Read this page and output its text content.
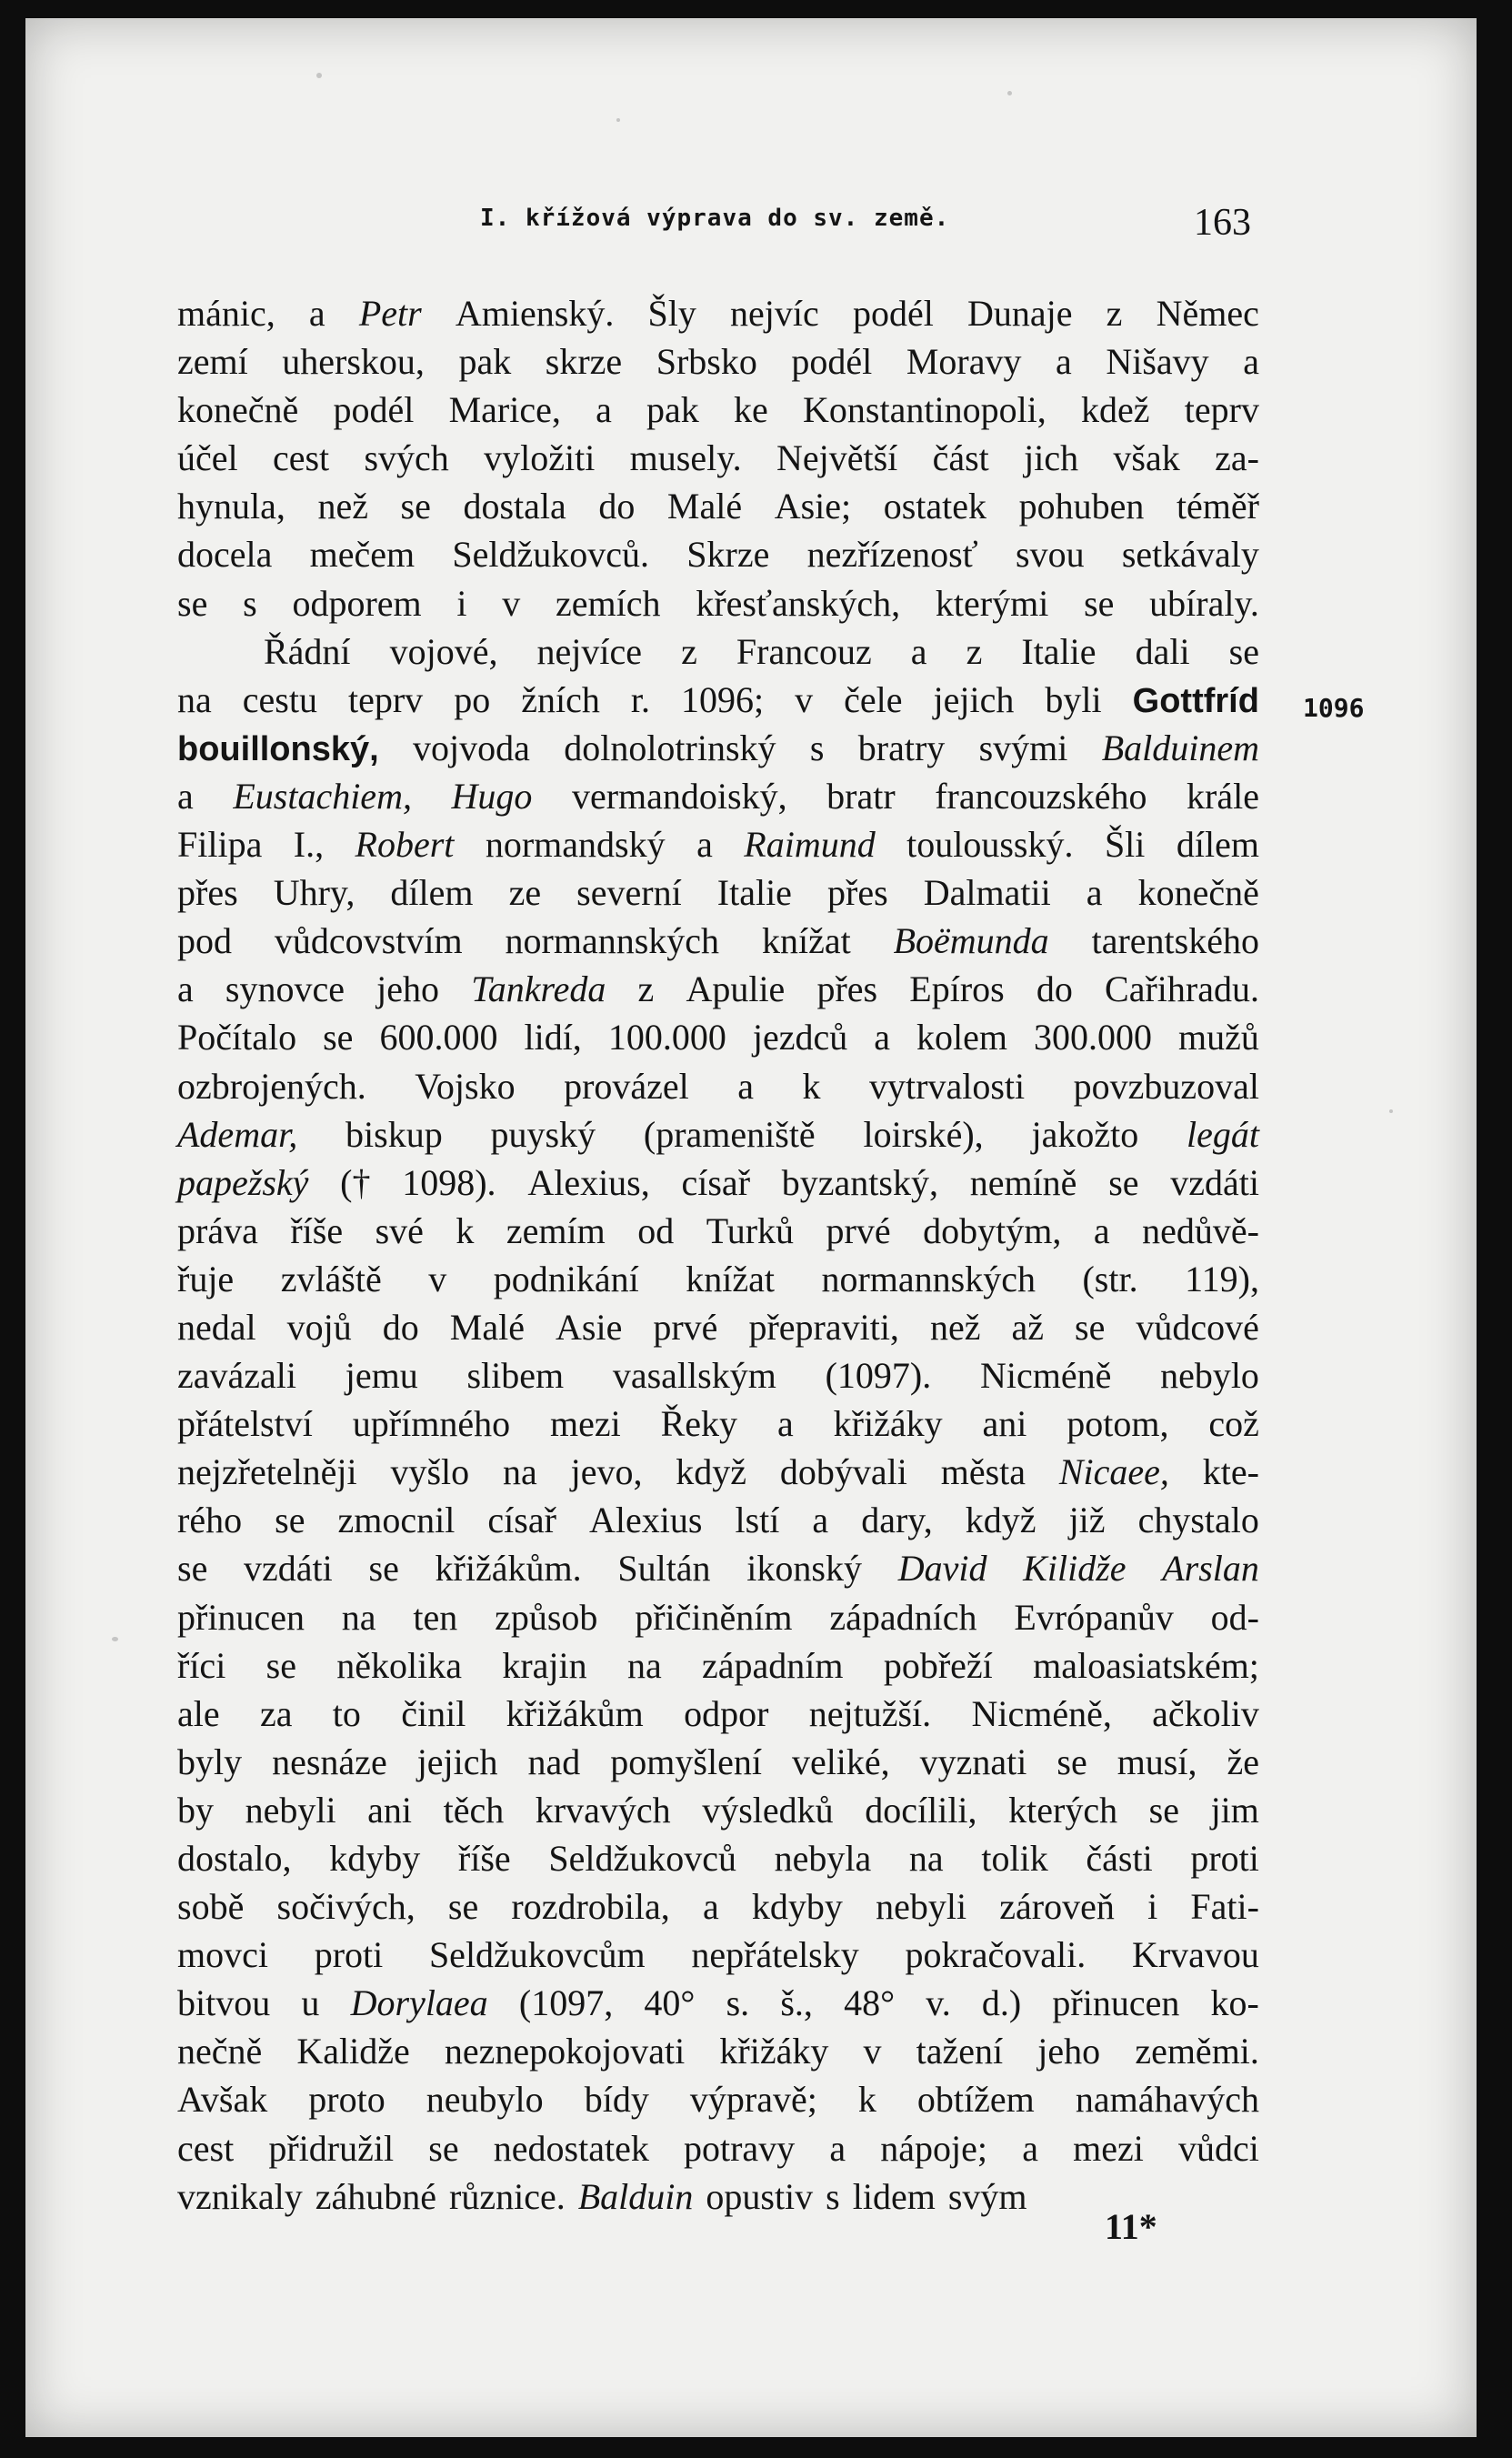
I. křížová výprava do sv. země.	163
mánic, a Petr Amienský. Šly nejvíc podél Dunaje z Němec
zemí uherskou, pak skrze Srbsko podél Moravy a Nišavy a
konečně podél Marice, a pak ke Konstantinopoli, kdež teprv
účel cest svých vyložiti musely. Největší část jich však za-
hynula, než se dostala do Malé Asie; ostatek pohuben téměř
docela mečem Seldžukovců. Skrze nezřízenosť svou setkávaly
se s odporem i v zemích křesťanských, kterými se ubíraly.
Řádní vojové, nejvíce z Francouz a z Italie dali se
na cestu teprv po žních r. 1096; v čele jejich byli Gottfríd
bouillonský, vojvoda dolnolotrinský s bratry svými Balduinem
a Eustachiem, Hugo vermandoiský, bratr francouzského krále
Filipa I., Robert normandský a Raimund toulousský. Šli dílem
přes Uhry, dílem ze severní Italie přes Dalmatii a konečně
pod vůdcovstvím normannských knížat Boëmunda tarentského
a synovce jeho Tankreda z Apulie přes Epíros do Cařihradu.
Počítalo se 600.000 lidí, 100.000 jezdců a kolem 300.000 mužů
ozbrojených. Vojsko provázel a k vytrvalosti povzbuzoval
Ademar, biskup puyský (prameniště loirské), jakožto legát
papežský († 1098). Alexius, císař byzantský, nemíně se vzdáti
práva říše své k zemím od Turků prvé dobytým, a nedůvě-
řuje zvláště v podnikání knížat normannských (str. 119),
nedal vojů do Malé Asie prvé přepraviti, než až se vůdcové
zavázali jemu slibem vasallským (1097). Nicméně nebylo
přátelství upřímného mezi Řeky a křižáky ani potom, což
nejzřetelněji vyšlo na jevo, když dobývali města Nicaee, kte-
rého se zmocnil císař Alexius lstí a dary, když již chystalo
se vzdáti se křižákům. Sultán ikonský David Kilidže Arslan
přinucen na ten způsob přičiněním západních Evrópanův od-
říci se několika krajin na západním pobřeží maloasiatském;
ale za to činil křižákům odpor nejtužší. Nicméně, ačkoliv
byly nesnáze jejich nad pomyšlení veliké, vyznati se musí, že
by nebyli ani těch krvavých výsledků docílili, kterých se jim
dostalo, kdyby říše Seldžukovců nebyla na tolik části proti
sobě sočivých, se rozdrobila, a kdyby nebyli zároveň i Fati-
movci proti Seldžukovcům nepřátelsky pokračovali. Krvavou
bitvou u Dorylaea (1097, 40° s. š., 48° v. d.) přinucen ko-
nečně Kalidže neznepokojovati křižáky v tažení jeho zeměmi.
Avšak proto neubylo bídy výpravě; k obtížem namáhavých
cest přidružil se nedostatek potravy a nápoje; a mezi vůdci
vznikaly záhubné různice. Balduin opustiv s lidem svým
1096
11*
